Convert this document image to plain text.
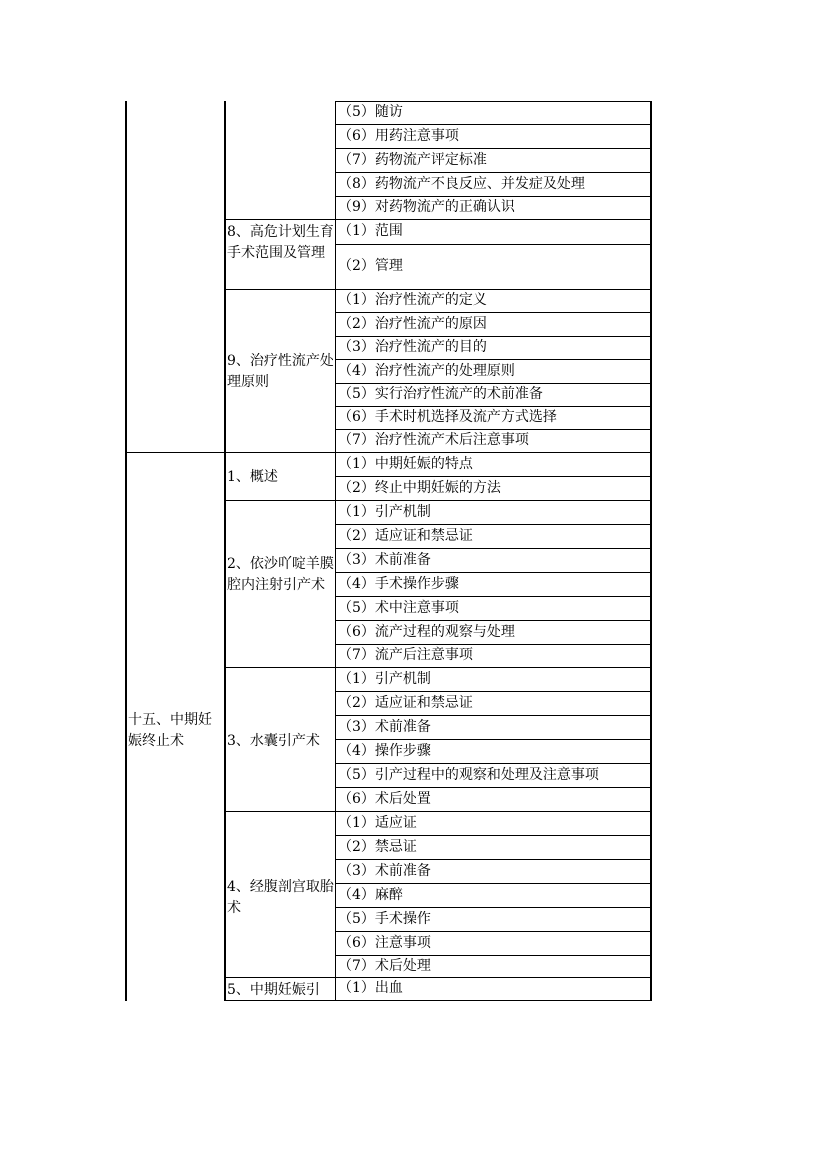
十五、中期妊娠终止术
8、高危计划生育手术范围及管理
9、治疗性流产处理原则
1、概述
2、依沙吖啶羊膜腔内注射引产术
3、水囊引产术
4、经腹剖宫取胎术
5、中期妊娠引
（5）随访
（6）用药注意事项
（7）药物流产评定标准
（8）药物流产不良反应、并发症及处理
（9）对药物流产的正确认识
（1）范围
（2）管理
（1）治疗性流产的定义
（2）治疗性流产的原因
（3）治疗性流产的目的
（4）治疗性流产的处理原则
（5）实行治疗性流产的术前准备
（6）手术时机选择及流产方式选择
（7）治疗性流产术后注意事项
（1）中期妊娠的特点
（2）终止中期妊娠的方法
（1）引产机制
（2）适应证和禁忌证
（3）术前准备
（4）手术操作步骤
（5）术中注意事项
（6）流产过程的观察与处理
（7）流产后注意事项
（1）引产机制
（2）适应证和禁忌证
（3）术前准备
（4）操作步骤
（5）引产过程中的观察和处理及注意事项
（6）术后处置
（1）适应证
（2）禁忌证
（3）术前准备
（4）麻醉
（5）手术操作
（6）注意事项
（7）术后处理
（1）出血
